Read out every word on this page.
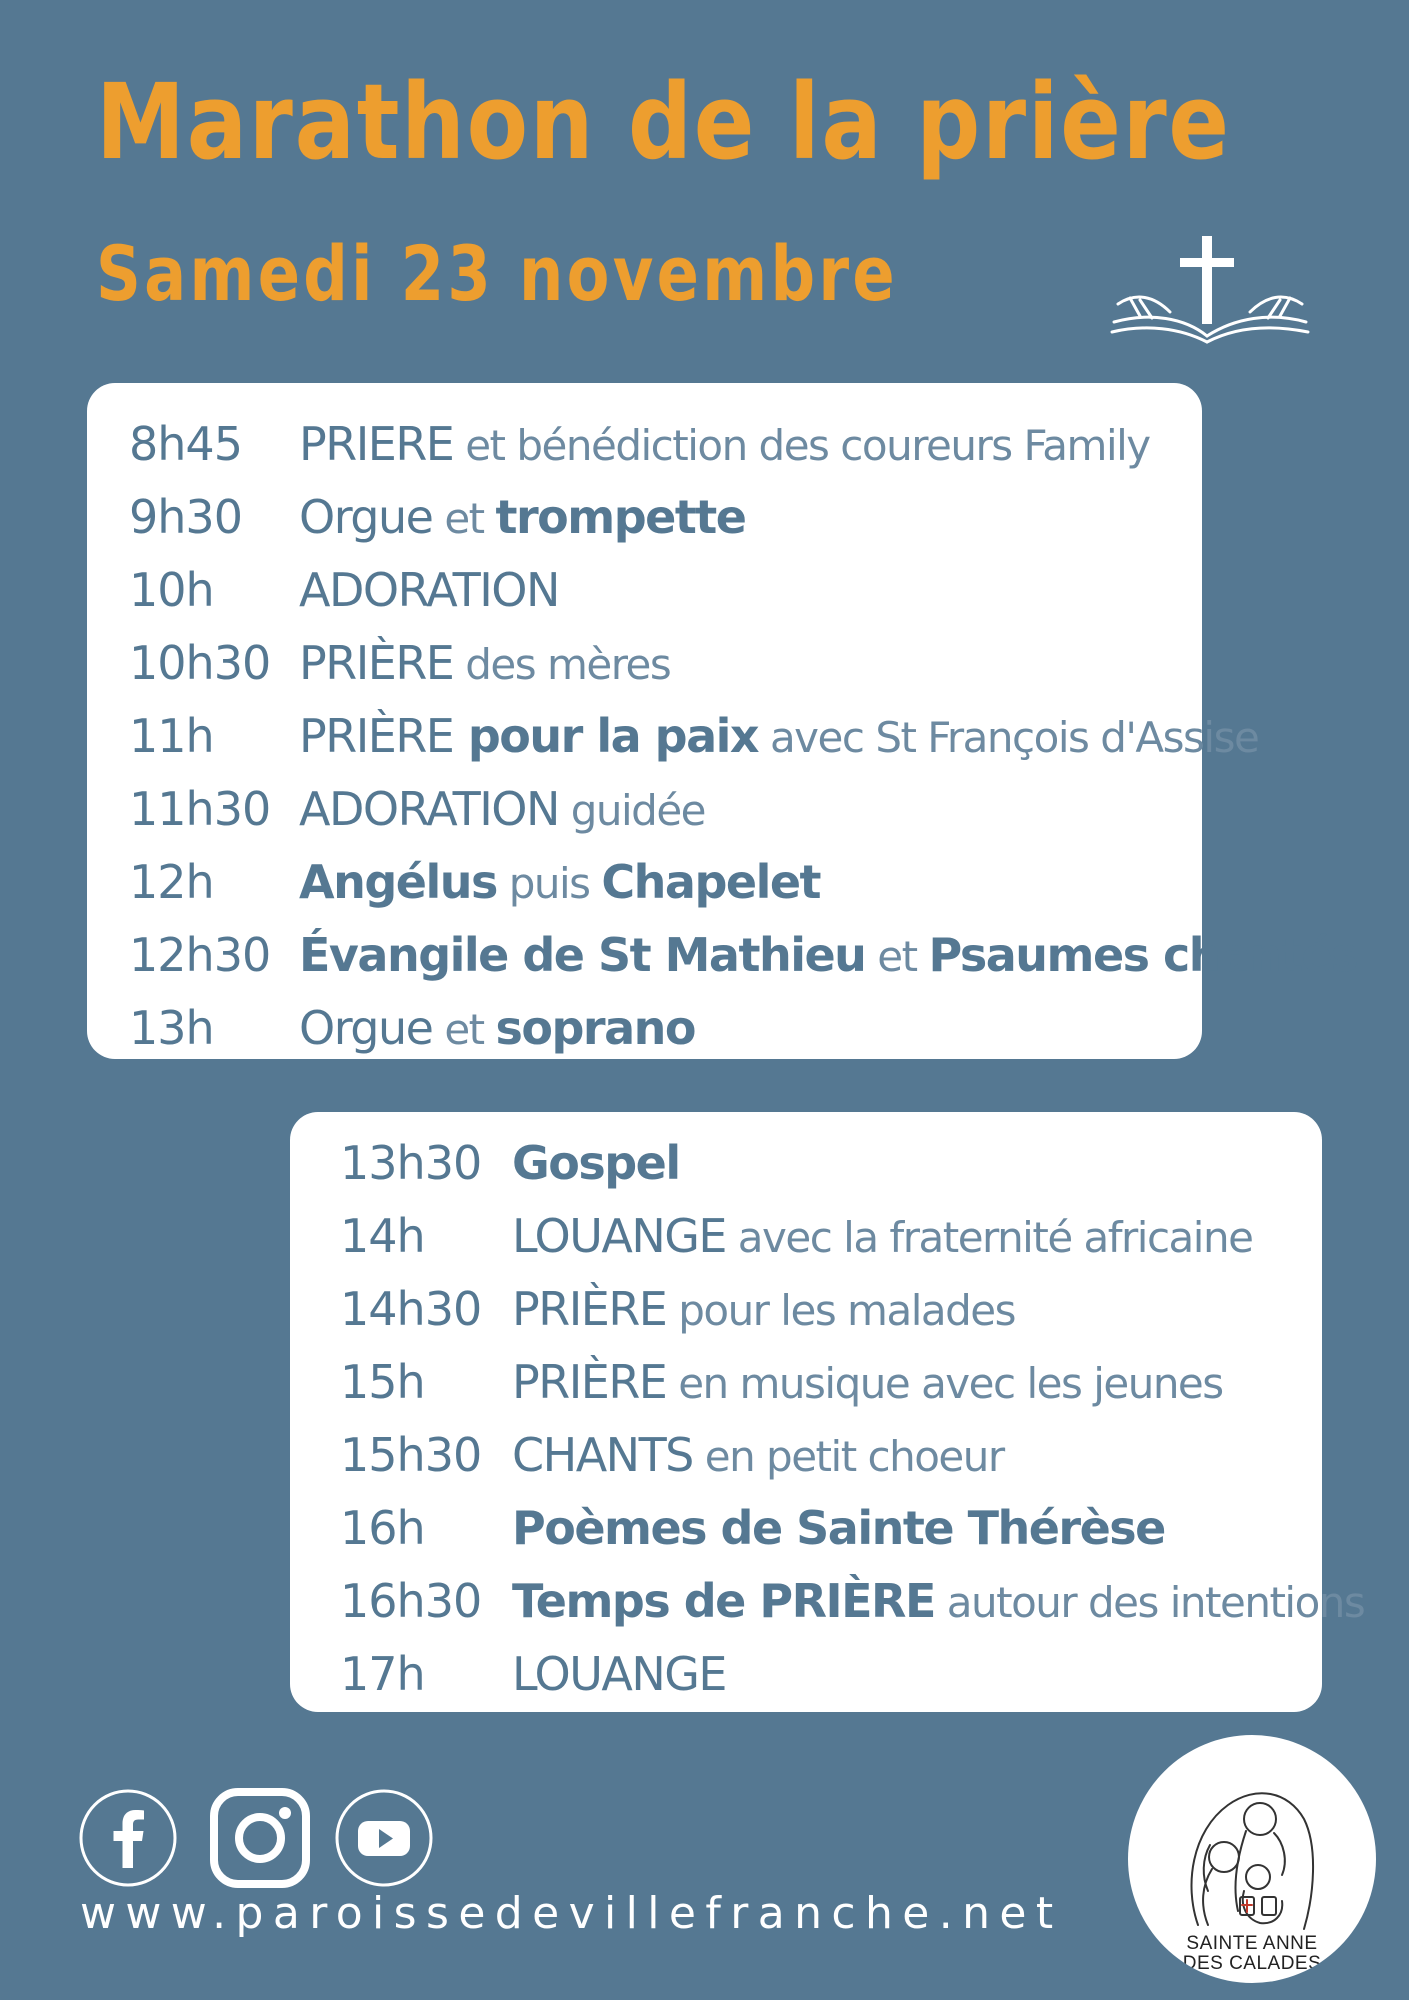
Marathon de la prière
Samedi 23 novembre
8h45	PRIERE et bénédiction des coureurs Family
9h30	Orgue et trompette
10h	ADORATION
10h30 PRIÈRE des mères
11h	PRIÈRE pour la paix avec St François d'Assise
11h30 ADORATION guidée
12h	Angélus puis Chapelet
12h30 Évangile de St Mathieu et Psaumes chantés
13h	Orgue et soprano
13h30 Gospel
14h	LOUANGE avec la fraternité africaine
14h30 PRIÈRE pour les malades
15h	PRIÈRE en musique avec les jeunes
15h30 CHANTS en petit choeur
16h	Poèmes de Sainte Thérèse
16h30 Temps de PRIÈRE autour des intentions
17h	LOUANGE

www.paroissedevillefranche.net

SAINTE ANNE
DES CALADES
